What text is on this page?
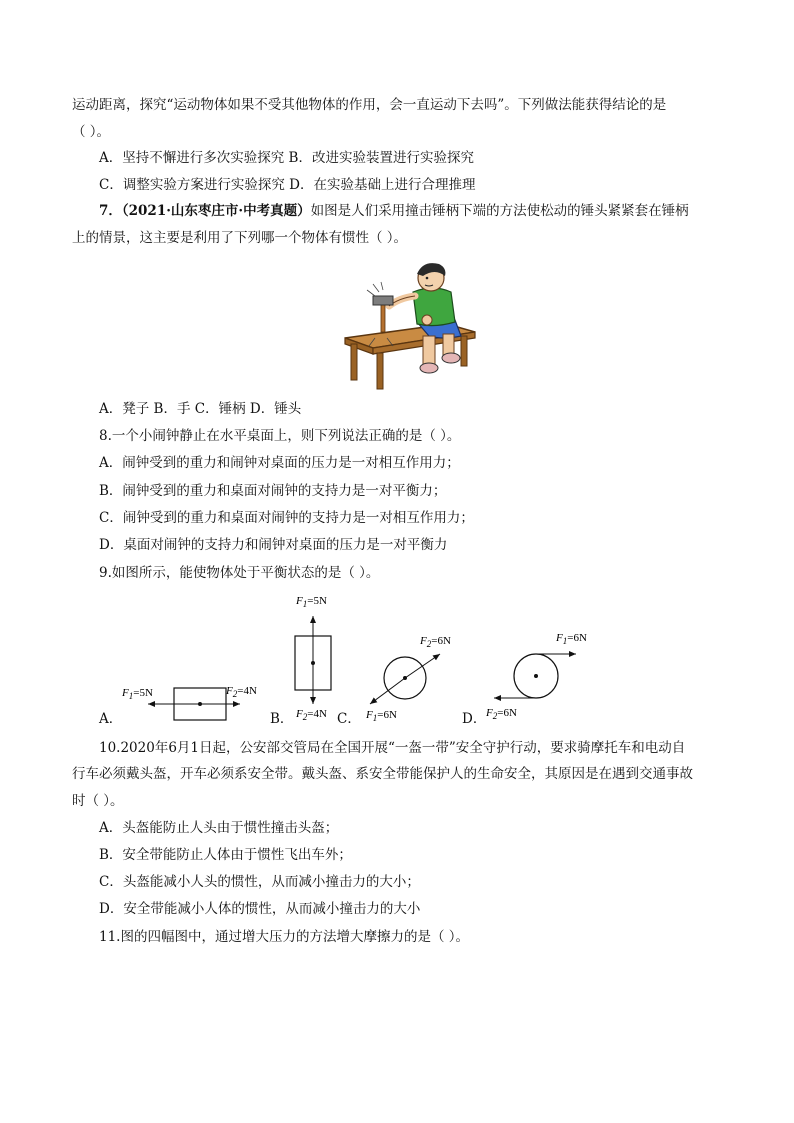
运动距离，探究“运动物体如果不受其他物体的作用，会一直运动下去吗”。下列做法能获得结论的是
（ ）。
A．坚持不懈进行多次实验探究 B．改进实验装置进行实验探究
C．调整实验方案进行实验探究 D．在实验基础上进行合理推理
7．（2021·山东枣庄市·中考真题）如图是人们采用撞击锤柄下端的方法使松动的锤头紧紧套在锤柄
上的情景，这主要是利用了下列哪一个物体有惯性（ ）。
A．凳子 B．手 C．锤柄 D．锤头
8.一个小闹钟静止在水平桌面上，则下列说法正确的是（ ）。
A．闹钟受到的重力和闹钟对桌面的压力是一对相互作用力；
B．闹钟受到的重力和桌面对闹钟的支持力是一对平衡力；
C．闹钟受到的重力和桌面对闹钟的支持力是一对相互作用力；
D．桌面对闹钟的支持力和闹钟对桌面的压力是一对平衡力
9.如图所示，能使物体处于平衡状态的是（ ）。
A．
$F_1=5N$	$F_2=4N$
B．
$F_1=5N$
$F_2=4N$ C．
$F_2=6N$
$F_1=6N$	D．
$F_1=6N$
$F_2=6N$
10.2020年6月1日起，公安部交管局在全国开展“一盔一带”安全守护行动，要求骑摩托车和电动自
行车必须戴头盔，开车必须系安全带。戴头盔、系安全带能保护人的生命安全，其原因是在遇到交通事故
时（ ）。
A．头盔能防止人头由于惯性撞击头盔；
B．安全带能防止人体由于惯性飞出车外；
C．头盔能减小人头的惯性，从而减小撞击力的大小；
D．安全带能减小人体的惯性，从而减小撞击力的大小
11.图的四幅图中，通过增大压力的方法增大摩擦力的是（ ）。
